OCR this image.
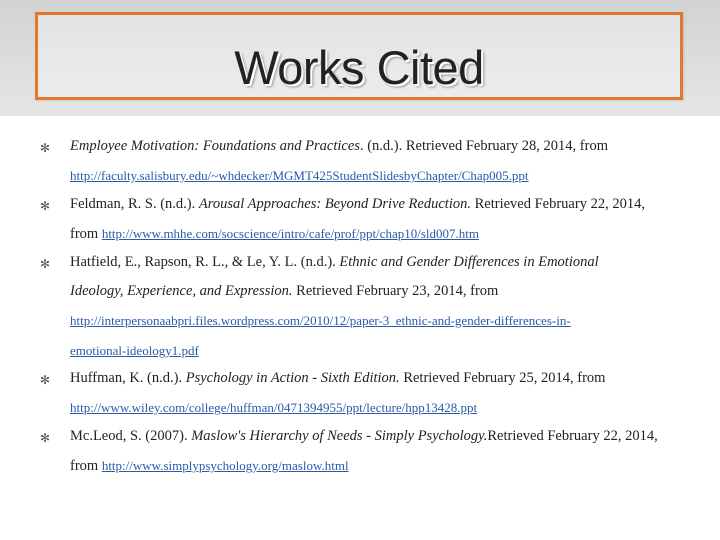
Works Cited
✻ Employee Motivation: Foundations and Practices. (n.d.). Retrieved February 28, 2014, from
http://faculty.salisbury.edu/~whdecker/MGMT425StudentSlidesbyChapter/Chap005.ppt
✻ Feldman, R. S. (n.d.). Arousal Approaches: Beyond Drive Reduction. Retrieved February 22, 2014,
from http://www.mhhe.com/socscience/intro/cafe/prof/ppt/chap10/sld007.htm
✻ Hatfield, E., Rapson, R. L., & Le, Y. L. (n.d.). Ethnic and Gender Differences in Emotional
Ideology, Experience, and Expression. Retrieved February 23, 2014, from
http://interpersonaabpri.files.wordpress.com/2010/12/paper-3_ethnic-and-gender-differences-in-
emotional-ideology1.pdf
✻ Huffman, K. (n.d.). Psychology in Action - Sixth Edition. Retrieved February 25, 2014, from
http://www.wiley.com/college/huffman/0471394955/ppt/lecture/hpp13428.ppt
✻ Mc.Leod, S. (2007). Maslow's Hierarchy of Needs - Simply Psychology.Retrieved February 22, 2014,
from http://www.simplypsychology.org/maslow.html
